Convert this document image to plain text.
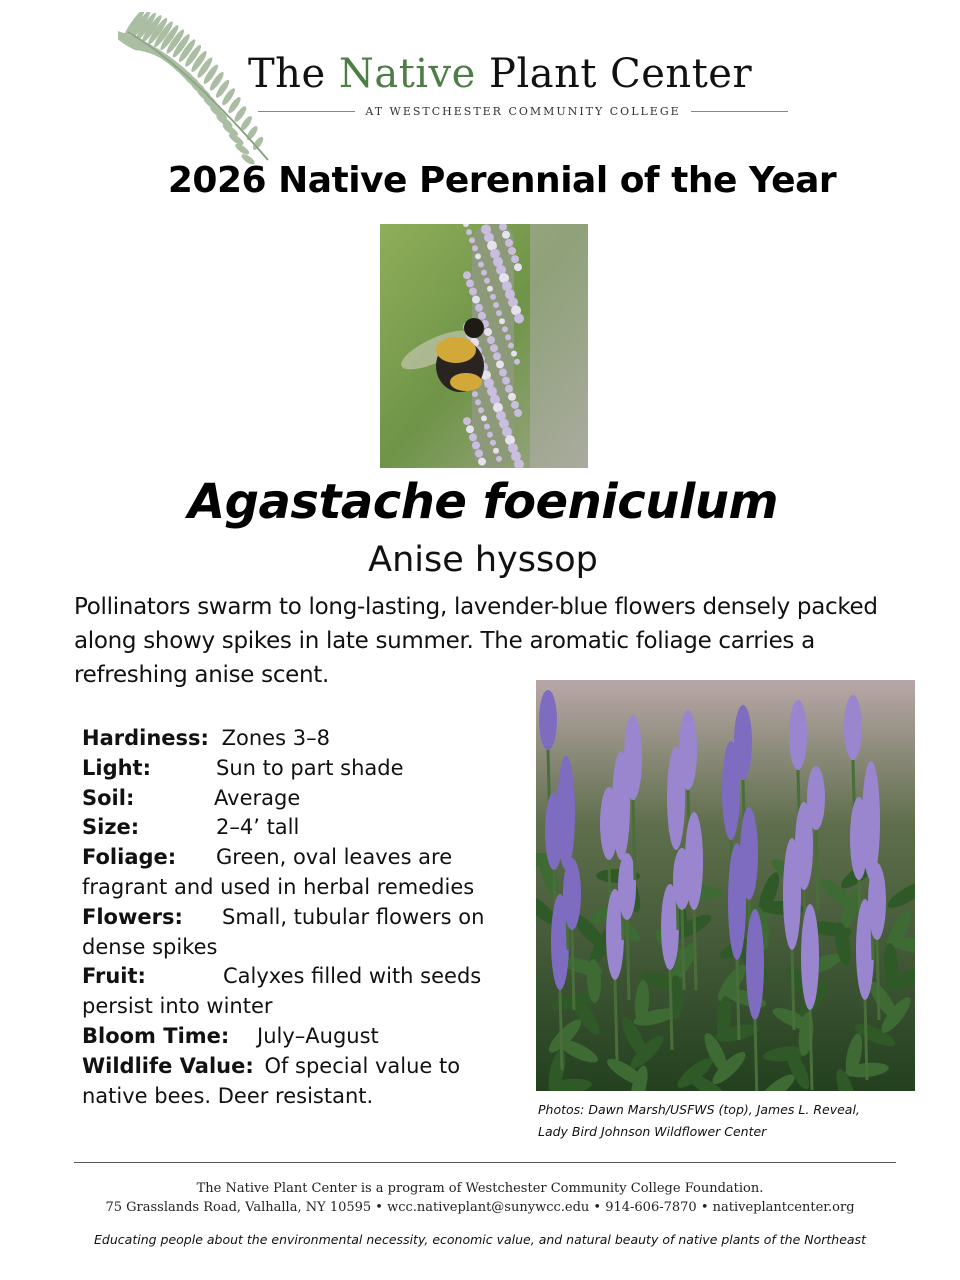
The Native Plant Center
AT WESTCHESTER COMMUNITY COLLEGE
2026 Native Perennial of the Year
Agastache foeniculum
Anise hyssop
Pollinators swarm to long-lasting, lavender-blue flowers densely packed along showy spikes in late summer. The aromatic foliage carries a refreshing anise scent.
Hardiness: Zones 3–8
Light:	Sun to part shade
Soil:	Average
Size:	2–4’ tall
Foliage: Green, oval leaves are
fragrant and used in herbal remedies
Flowers: Small, tubular flowers on
dense spikes
Fruit:	Calyxes filled with seeds
persist into winter
Bloom Time: July–August
Wildlife Value: Of special value to
native bees. Deer resistant.
Photos: Dawn Marsh/USFWS (top), James L. Reveal,
Lady Bird Johnson Wildflower Center
The Native Plant Center is a program of Westchester Community College Foundation.
75 Grasslands Road, Valhalla, NY 10595 • wcc.nativeplant@sunywcc.edu • 914-606-7870 • nativeplantcenter.org
Educating people about the environmental necessity, economic value, and natural beauty of native plants of the Northeast
